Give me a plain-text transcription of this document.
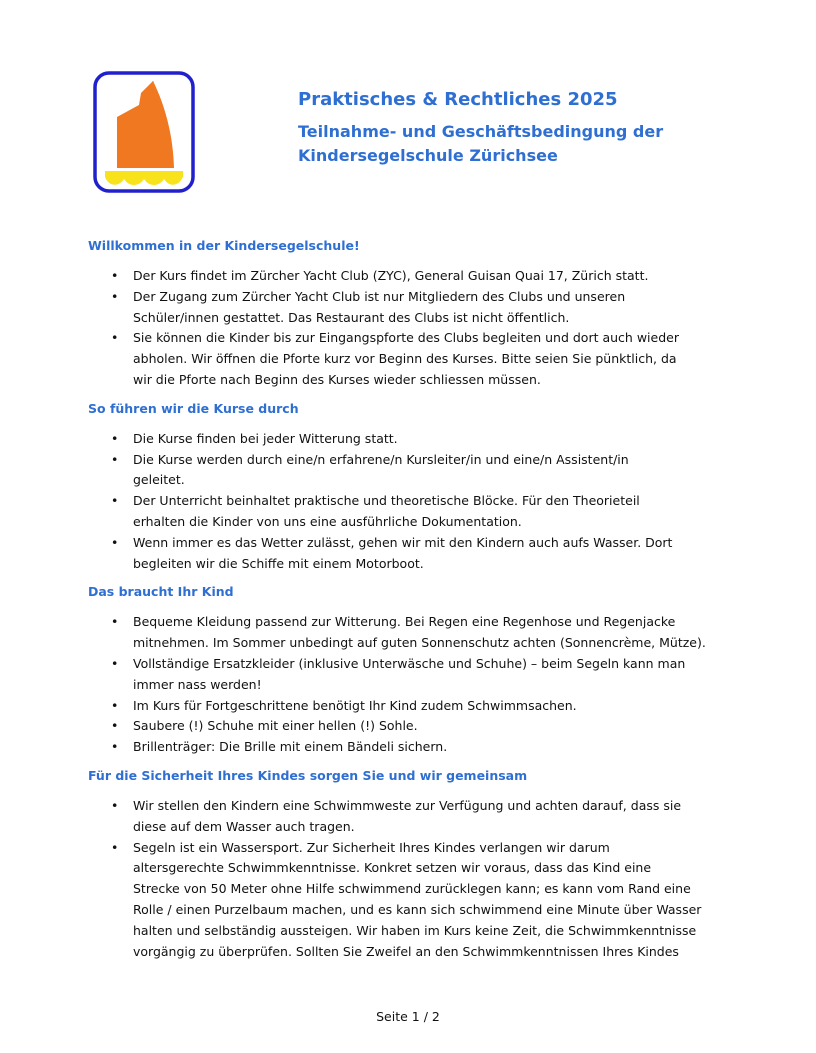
Praktisches & Rechtliches 2025
Teilnahme- und Geschäftsbedingung der
Kindersegelschule Zürichsee
Willkommen in der Kindersegelschule!
• Der Kurs findet im Zürcher Yacht Club (ZYC), General Guisan Quai 17, Zürich statt.
• Der Zugang zum Zürcher Yacht Club ist nur Mitgliedern des Clubs und unseren
Schüler/innen gestattet. Das Restaurant des Clubs ist nicht öffentlich.
• Sie können die Kinder bis zur Eingangspforte des Clubs begleiten und dort auch wieder
abholen. Wir öffnen die Pforte kurz vor Beginn des Kurses. Bitte seien Sie pünktlich, da
wir die Pforte nach Beginn des Kurses wieder schliessen müssen.
So führen wir die Kurse durch
• Die Kurse finden bei jeder Witterung statt.
• Die Kurse werden durch eine/n erfahrene/n Kursleiter/in und eine/n Assistent/in
geleitet.
• Der Unterricht beinhaltet praktische und theoretische Blöcke. Für den Theorieteil
erhalten die Kinder von uns eine ausführliche Dokumentation.
• Wenn immer es das Wetter zulässt, gehen wir mit den Kindern auch aufs Wasser. Dort
begleiten wir die Schiffe mit einem Motorboot.
Das braucht Ihr Kind
• Bequeme Kleidung passend zur Witterung. Bei Regen eine Regenhose und Regenjacke
mitnehmen. Im Sommer unbedingt auf guten Sonnenschutz achten (Sonnencrème, Mütze).
• Vollständige Ersatzkleider (inklusive Unterwäsche und Schuhe) – beim Segeln kann man
immer nass werden!
• Im Kurs für Fortgeschrittene benötigt Ihr Kind zudem Schwimmsachen.
• Saubere (!) Schuhe mit einer hellen (!) Sohle.
• Brillenträger: Die Brille mit einem Bändeli sichern.
Für die Sicherheit Ihres Kindes sorgen Sie und wir gemeinsam
• Wir stellen den Kindern eine Schwimmweste zur Verfügung und achten darauf, dass sie
diese auf dem Wasser auch tragen.
• Segeln ist ein Wassersport. Zur Sicherheit Ihres Kindes verlangen wir darum
altersgerechte Schwimmkenntnisse. Konkret setzen wir voraus, dass das Kind eine
Strecke von 50 Meter ohne Hilfe schwimmend zurücklegen kann; es kann vom Rand eine
Rolle / einen Purzelbaum machen, und es kann sich schwimmend eine Minute über Wasser
halten und selbständig aussteigen. Wir haben im Kurs keine Zeit, die Schwimmkenntnisse
vorgängig zu überprüfen. Sollten Sie Zweifel an den Schwimmkenntnissen Ihres Kindes
Seite 1 / 2
